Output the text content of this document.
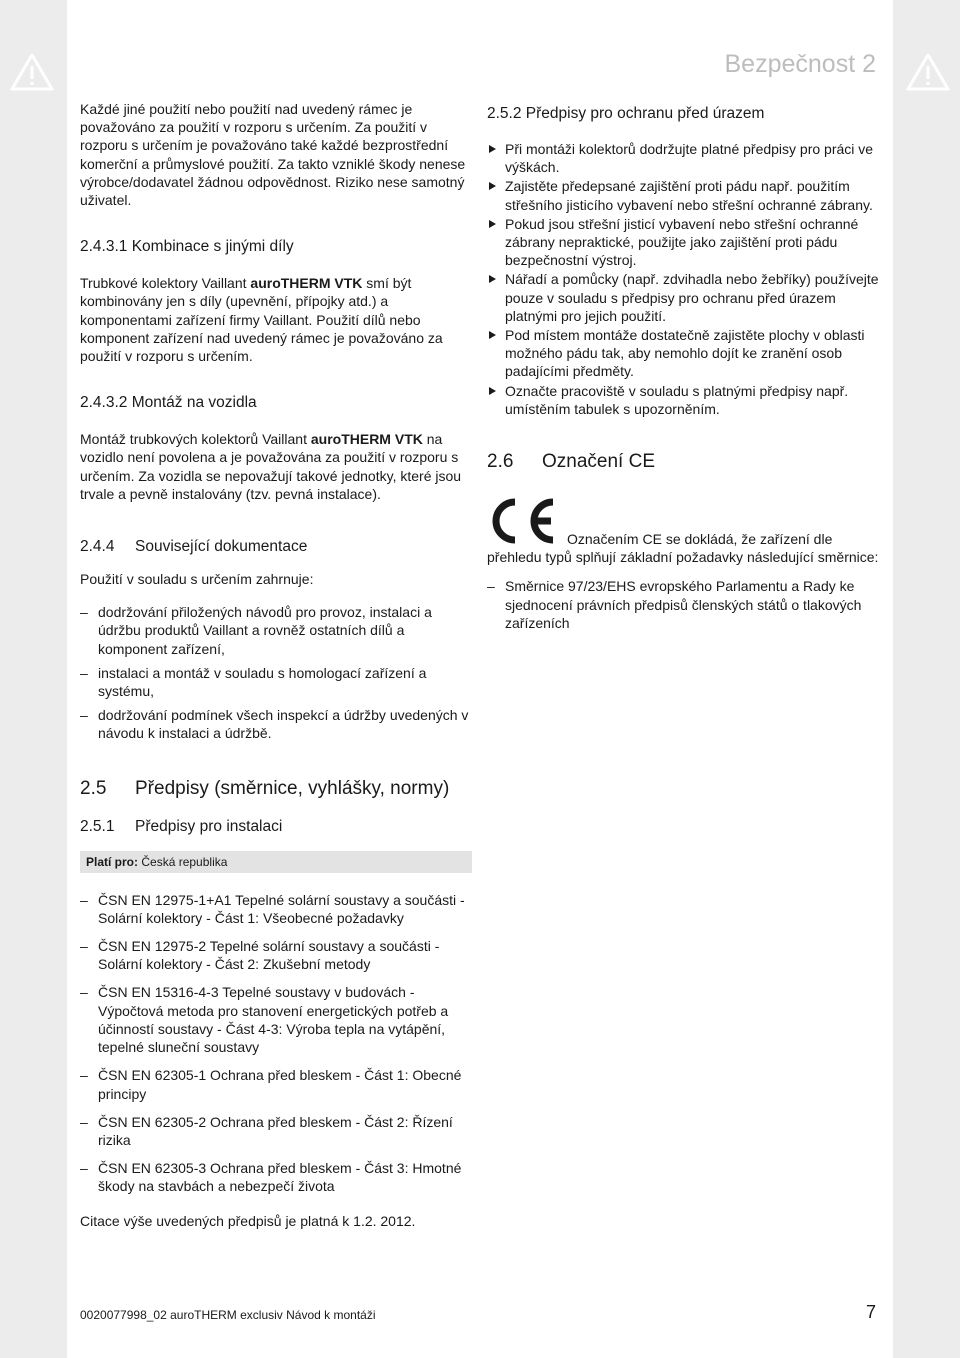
Bezpečnost 2

Každé jiné použití nebo použití nad uvedený rámec je považováno za použití v rozporu s určením. Za použití v rozporu s určením je považováno také každé bezprostřední komerční a průmyslové použití. Za takto vzniklé škody nenese výrobce/dodavatel žádnou odpovědnost. Riziko nese samotný uživatel.

2.4.3.1 Kombinace s jinými díly

Trubkové kolektory Vaillant auroTHERM VTK smí být kombinovány jen s díly (upevnění, přípojky atd.) a komponentami zařízení firmy Vaillant. Použití dílů nebo komponent zařízení nad uvedený rámec je považováno za použití v rozporu s určením.

2.4.3.2 Montáž na vozidla

Montáž trubkových kolektorů Vaillant auroTHERM VTK na vozidlo není povolena a je považována za použití v rozporu s určením. Za vozidla se nepovažují takové jednotky, které jsou trvale a pevně instalovány (tzv. pevná instalace).

2.4.4 Související dokumentace

Použití v souladu s určením zahrnuje:

– dodržování přiložených návodů pro provoz, instalaci a údržbu produktů Vaillant a rovněž ostatních dílů a komponent zařízení,
– instalaci a montáž v souladu s homologací zařízení a systému,
– dodržování podmínek všech inspekcí a údržby uvedených v návodu k instalaci a údržbě.
2.5 Předpisy (směrnice, vyhlášky, normy)
2.5.1 Předpisy pro instalaci
Platí pro: Česká republika
– ČSN EN 12975-1+A1 Tepelné solární soustavy a součásti - Solární kolektory - Část 1: Všeobecné požadavky
– ČSN EN 12975-2 Tepelné solární soustavy a součásti - Solární kolektory - Část 2: Zkušební metody
– ČSN EN 15316-4-3 Tepelné soustavy v budovách - Výpočtová metoda pro stanovení energetických potřeb a účinností soustavy - Část 4-3: Výroba tepla na vytápění, tepelné sluneční soustavy
– ČSN EN 62305-1 Ochrana před bleskem - Část 1: Obecné principy
– ČSN EN 62305-2 Ochrana před bleskem - Část 2: Řízení rizika
– ČSN EN 62305-3 Ochrana před bleskem - Část 3: Hmotné škody na stavbách a nebezpečí života

Citace výše uvedených předpisů je platná k 1.2. 2012.

2.5.2 Předpisy pro ochranu před úrazem
Při montáži kolektorů dodržujte platné předpisy pro práci ve výškách.
Zajistěte předepsané zajištění proti pádu např. použitím střešního jisticího vybavení nebo střešní ochranné zábrany.
Pokud jsou střešní jisticí vybavení nebo střešní ochranné zábrany nepraktické, použijte jako zajištění proti pádu bezpečnostní výstroj.
Nářadí a pomůcky (např. zdvihadla nebo žebříky) používejte pouze v souladu s předpisy pro ochranu před úrazem platnými pro jejich použití.
Pod místem montáže dostatečně zajistěte plochy v oblasti možného pádu tak, aby nemohlo dojít ke zranění osob padajícími předměty.
Označte pracoviště v souladu s platnými předpisy např. umístěním tabulek s upozorněním.
2.6 Označení CE

Označením CE se dokládá, že zařízení dle přehledu typů splňují základní požadavky následující směrnice:

– Směrnice 97/23/EHS evropského Parlamentu a Rady ke sjednocení právních předpisů členských států o tlakových zařízeních
0020077998_02 auroTHERM exclusiv Návod k montáži	7
